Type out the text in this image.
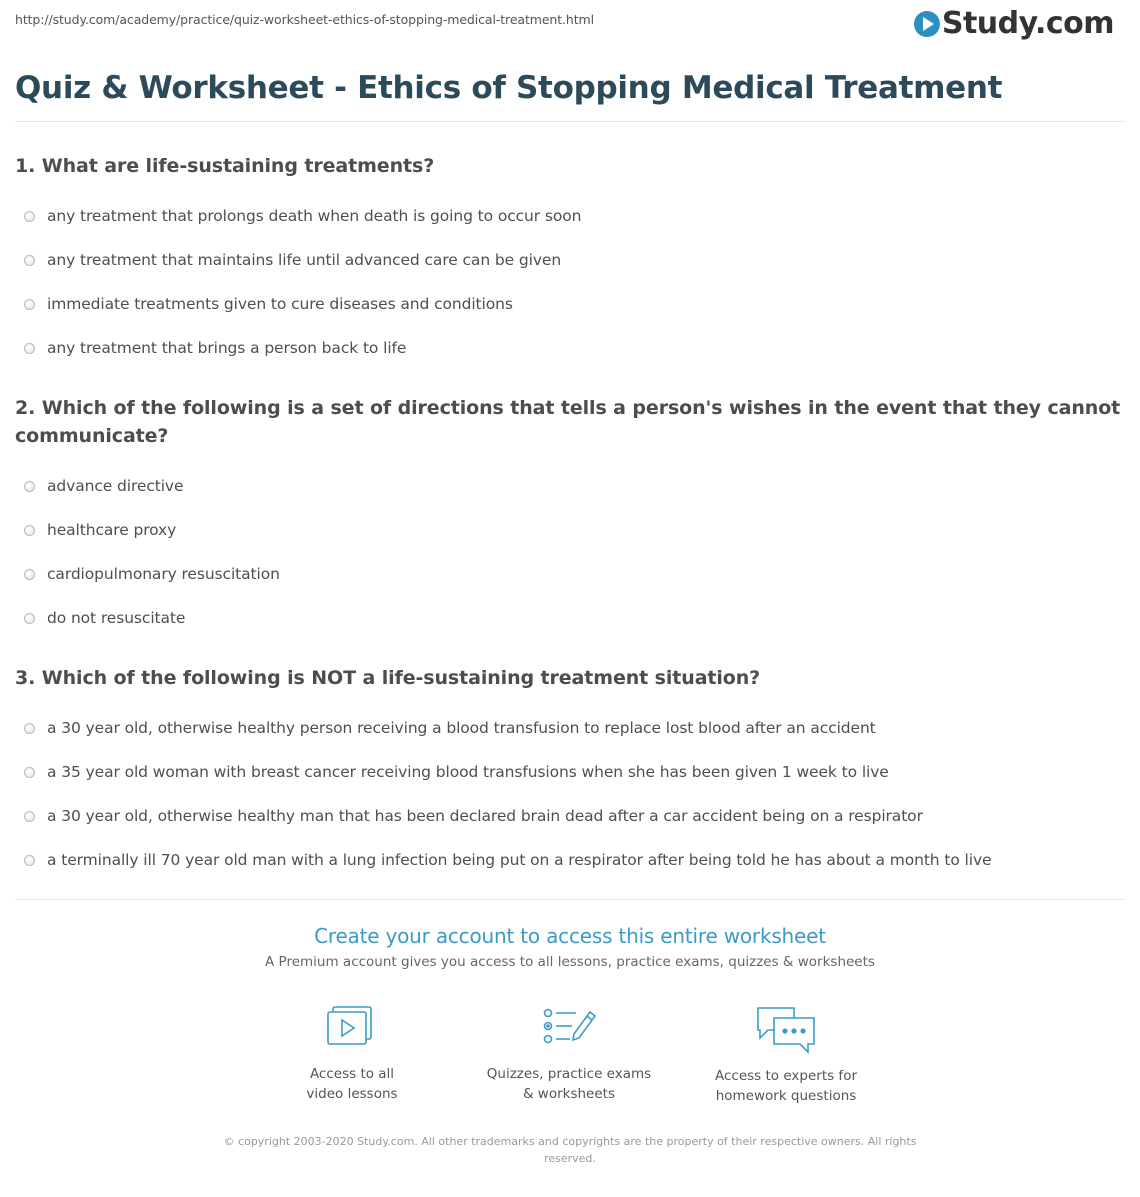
http://study.com/academy/practice/quiz-worksheet-ethics-of-stopping-medical-treatment.html	Study.com
Quiz & Worksheet - Ethics of Stopping Medical Treatment
1. What are life-sustaining treatments?
any treatment that prolongs death when death is going to occur soon
any treatment that maintains life until advanced care can be given
immediate treatments given to cure diseases and conditions
any treatment that brings a person back to life
2. Which of the following is a set of directions that tells a person's wishes in the event that they cannot communicate?
advance directive
healthcare proxy
cardiopulmonary resuscitation
do not resuscitate
3. Which of the following is NOT a life-sustaining treatment situation?
a 30 year old, otherwise healthy person receiving a blood transfusion to replace lost blood after an accident
a 35 year old woman with breast cancer receiving blood transfusions when she has been given 1 week to live
a 30 year old, otherwise healthy man that has been declared brain dead after a car accident being on a respirator
a terminally ill 70 year old man with a lung infection being put on a respirator after being told he has about a month to live
Create your account to access this entire worksheet
A Premium account gives you access to all lessons, practice exams, quizzes & worksheets
Access to all
video lessons
Quizzes, practice exams
& worksheets
Access to experts for
homework questions
© copyright 2003-2020 Study.com. All other trademarks and copyrights are the property of their respective owners. All rights
reserved.
